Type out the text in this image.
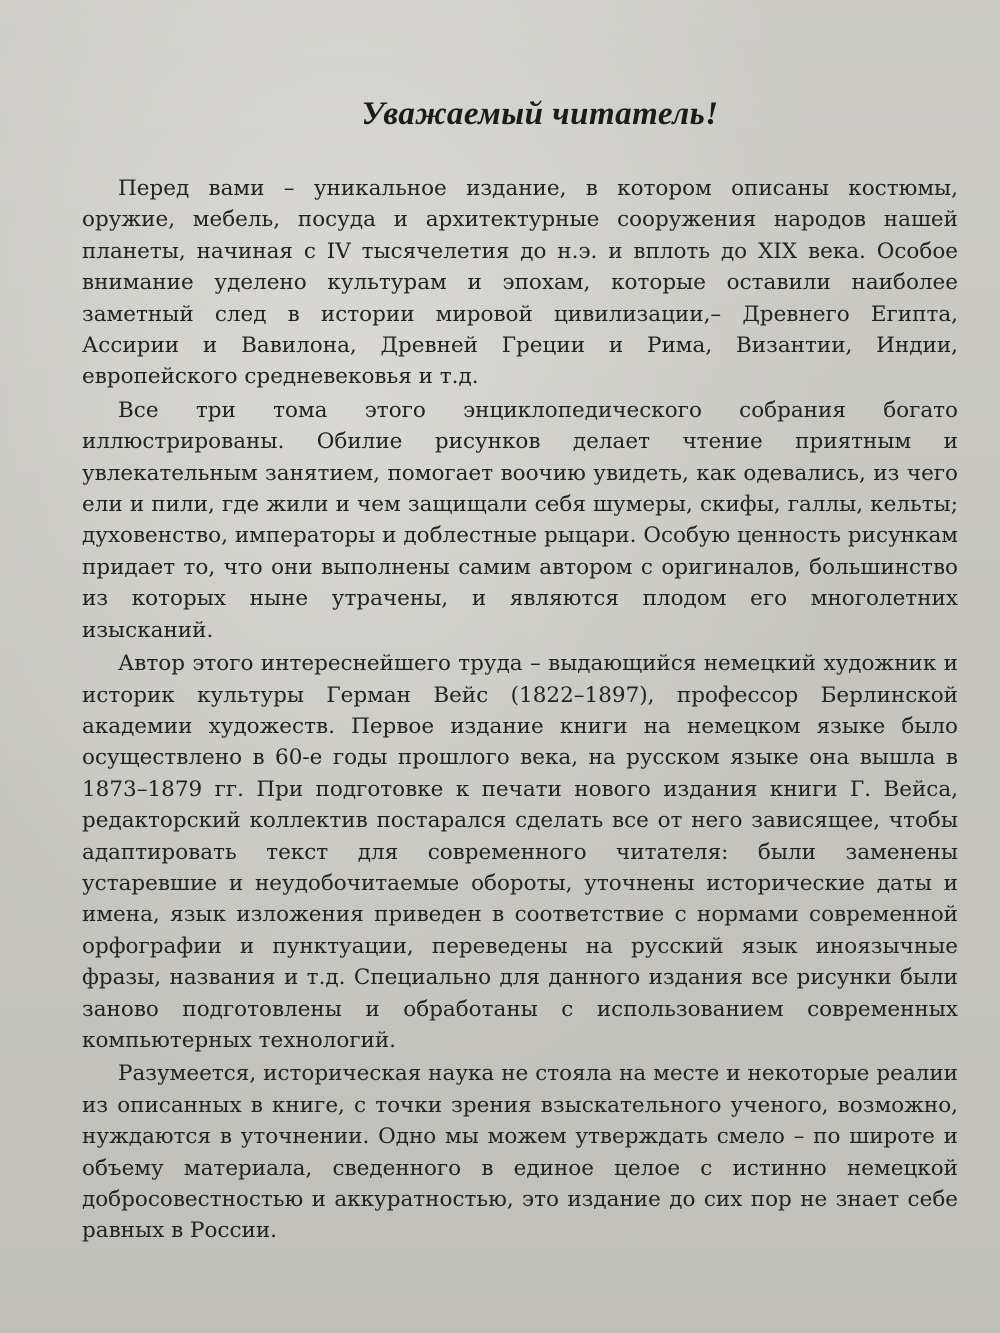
Уважаемый читатель!

Перед вами – уникальное издание, в котором описаны костюмы, оружие, мебель, посуда и архитектурные сооружения народов нашей планеты, начиная с IV тысячелетия до н.э. и вплоть до XIX века. Особое внимание уделено культурам и эпохам, которые оставили наиболее заметный след в истории мировой цивилизации,– Древнего Египта, Ассирии и Вавилона, Древней Греции и Рима, Византии, Индии, европейского средневековья и т.д.

Все три тома этого энциклопедического собрания богато иллюстрированы. Обилие рисунков делает чтение приятным и увлекательным занятием, помогает воочию увидеть, как одевались, из чего ели и пили, где жили и чем защищали себя шумеры, скифы, галлы, кельты; духовенство, императоры и доблестные рыцари. Особую ценность рисункам придает то, что они выполнены самим автором с оригиналов, большинство из которых ныне утрачены, и являются плодом его многолетних изысканий.

Автор этого интереснейшего труда – выдающийся немецкий художник и историк культуры Герман Вейс (1822–1897), профессор Берлинской академии художеств. Первое издание книги на немецком языке было осуществлено в 60-е годы прошлого века, на русском языке она вышла в 1873–1879 гг. При подготовке к печати нового издания книги Г. Вейса, редакторский коллектив постарался сделать все от него зависящее, чтобы адаптировать текст для современного читателя: были заменены устаревшие и неудобочитаемые обороты, уточнены исторические даты и имена, язык изложения приведен в соответствие с нормами современной орфографии и пунктуации, переведены на русский язык иноязычные фразы, названия и т.д. Специально для данного издания все рисунки были заново подготовлены и обработаны с использованием современных компьютерных технологий.

Разумеется, историческая наука не стояла на месте и некоторые реалии из описанных в книге, с точки зрения взыскательного ученого, возможно, нуждаются в уточнении. Одно мы можем утверждать смело – по широте и объему материала, сведенного в единое целое с истинно немецкой добросовестностью и аккуратностью, это издание до сих пор не знает себе равных в России.
